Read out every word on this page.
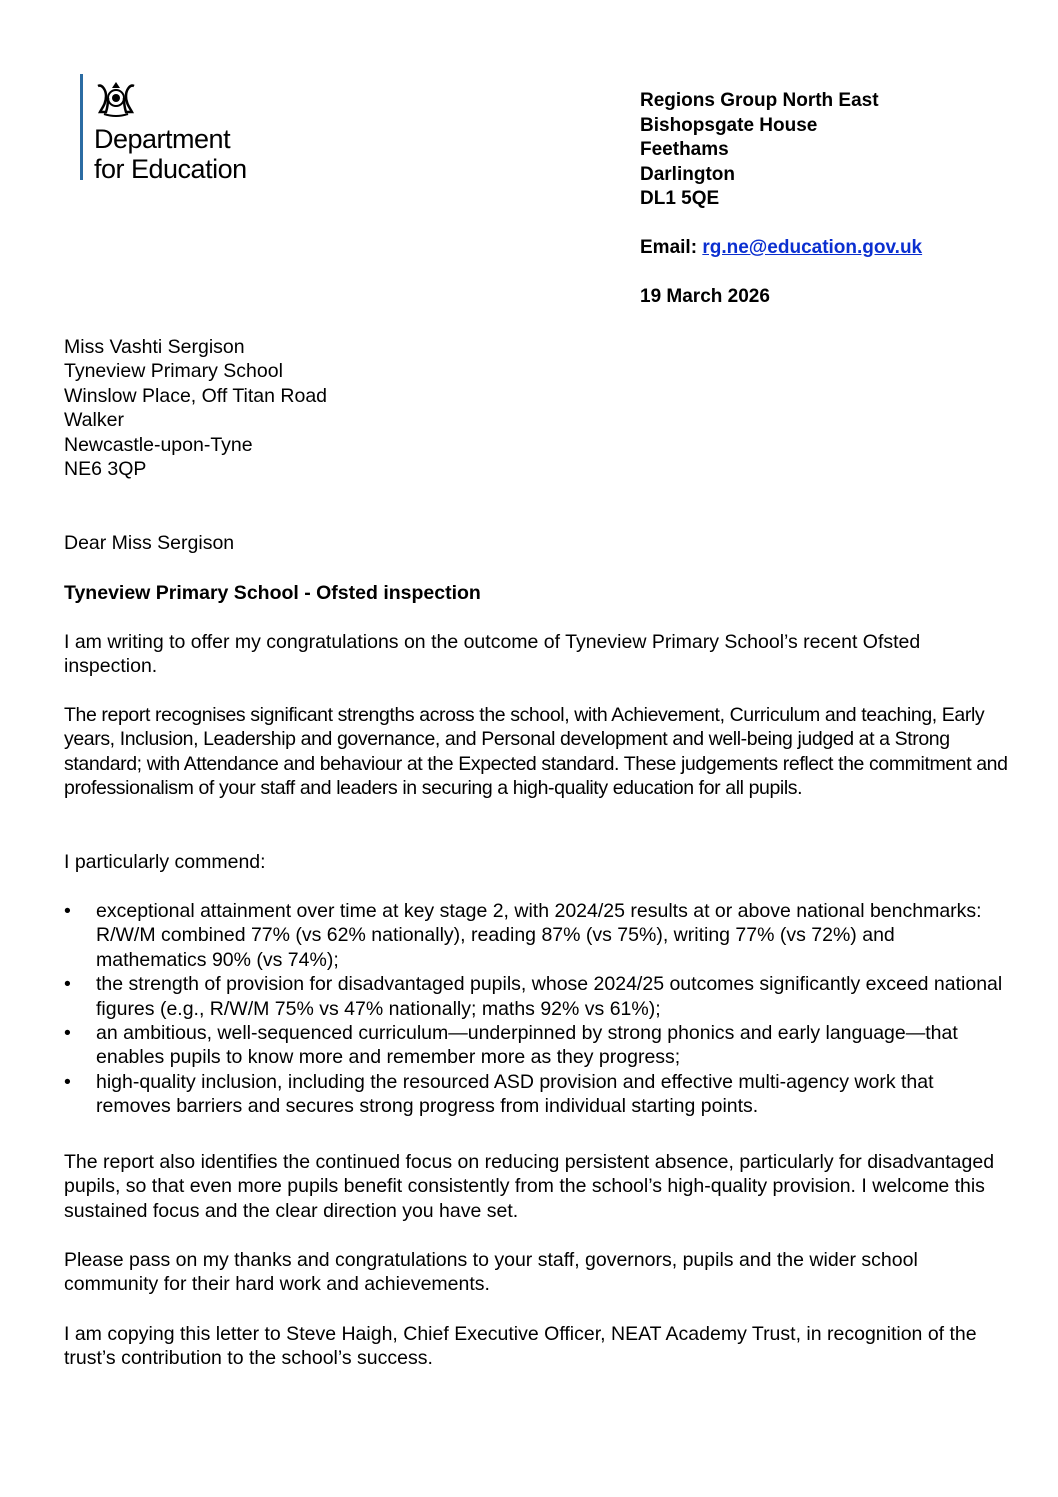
Department
for Education
Regions Group North East
Bishopsgate House
Feethams
Darlington
DL1 5QE
Email: rg.ne@education.gov.uk
19 March 2026
Miss Vashti Sergison
Tyneview Primary School
Winslow Place, Off Titan Road
Walker
Newcastle-upon-Tyne
NE6 3QP
Dear Miss Sergison
Tyneview Primary School - Ofsted inspection
I am writing to offer my congratulations on the outcome of Tyneview Primary School’s recent Ofsted inspection.
The report recognises significant strengths across the school, with Achievement, Curriculum and teaching, Early years, Inclusion, Leadership and governance, and Personal development and well-being judged at a Strong standard; with Attendance and behaviour at the Expected standard. These judgements reflect the commitment and professionalism of your staff and leaders in securing a high-quality education for all pupils.
I particularly commend:
• exceptional attainment over time at key stage 2, with 2024/25 results at or above national benchmarks: R/W/M combined 77% (vs 62% nationally), reading 87% (vs 75%), writing 77% (vs 72%) and mathematics 90% (vs 74%);
• the strength of provision for disadvantaged pupils, whose 2024/25 outcomes significantly exceed national figures (e.g., R/W/M 75% vs 47% nationally; maths 92% vs 61%);
• an ambitious, well-sequenced curriculum—underpinned by strong phonics and early language—that enables pupils to know more and remember more as they progress;
• high-quality inclusion, including the resourced ASD provision and effective multi-agency work that removes barriers and secures strong progress from individual starting points.
The report also identifies the continued focus on reducing persistent absence, particularly for disadvantaged pupils, so that even more pupils benefit consistently from the school’s high-quality provision. I welcome this sustained focus and the clear direction you have set.
Please pass on my thanks and congratulations to your staff, governors, pupils and the wider school community for their hard work and achievements.
I am copying this letter to Steve Haigh, Chief Executive Officer, NEAT Academy Trust, in recognition of the trust’s contribution to the school’s success.
